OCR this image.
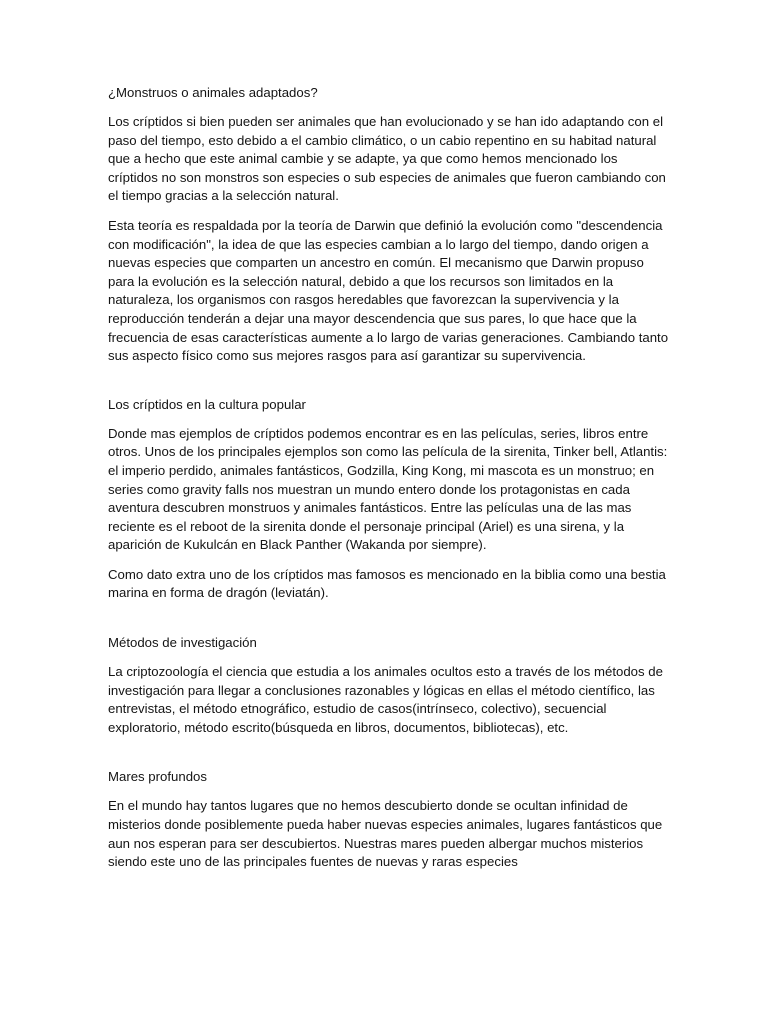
¿Monstruos o animales adaptados?

Los críptidos si bien pueden ser animales que han evolucionado y se han ido adaptando con el paso del tiempo, esto debido a el cambio climático, o un cabio repentino en su habitad natural que a hecho que este animal cambie y se adapte, ya que como hemos mencionado los críptidos no son monstros son especies o sub especies de animales que fueron cambiando con el tiempo gracias a la selección natural.

Esta teoría es respaldada por la teoría de Darwin que definió la evolución como "descendencia con modificación", la idea de que las especies cambian a lo largo del tiempo, dando origen a nuevas especies que comparten un ancestro en común. El mecanismo que Darwin propuso para la evolución es la selección natural, debido a que los recursos son limitados en la naturaleza, los organismos con rasgos heredables que favorezcan la supervivencia y la reproducción tenderán a dejar una mayor descendencia que sus pares, lo que hace que la frecuencia de esas características aumente a lo largo de varias generaciones. Cambiando tanto sus aspecto físico como sus mejores rasgos para así garantizar su supervivencia.

Los críptidos en la cultura popular

Donde mas ejemplos de críptidos podemos encontrar es en las películas, series, libros entre otros. Unos de los principales ejemplos son como las película de la sirenita, Tinker bell, Atlantis: el imperio perdido, animales fantásticos, Godzilla, King Kong, mi mascota es un monstruo; en series como gravity falls nos muestran un mundo entero donde los protagonistas en cada aventura descubren monstruos y animales fantásticos. Entre las películas una de las mas reciente es el reboot de la sirenita donde el personaje principal (Ariel) es una sirena, y la aparición de Kukulcán en Black Panther (Wakanda por siempre).

Como dato extra uno de los críptidos mas famosos es mencionado en la biblia como una bestia marina en forma de dragón (leviatán).

Métodos de investigación

La criptozoología el ciencia que estudia a los animales ocultos esto a través de los métodos de investigación para llegar a conclusiones razonables y lógicas en ellas el método científico, las entrevistas, el método etnográfico, estudio de casos(intrínseco, colectivo), secuencial exploratorio, método escrito(búsqueda en libros, documentos, bibliotecas), etc.

Mares profundos

En el mundo hay tantos lugares que no hemos descubierto donde se ocultan infinidad de misterios donde posiblemente pueda haber nuevas especies animales, lugares fantásticos que aun nos esperan para ser descubiertos. Nuestras mares pueden albergar muchos misterios siendo este uno de las principales fuentes de nuevas y raras especies
